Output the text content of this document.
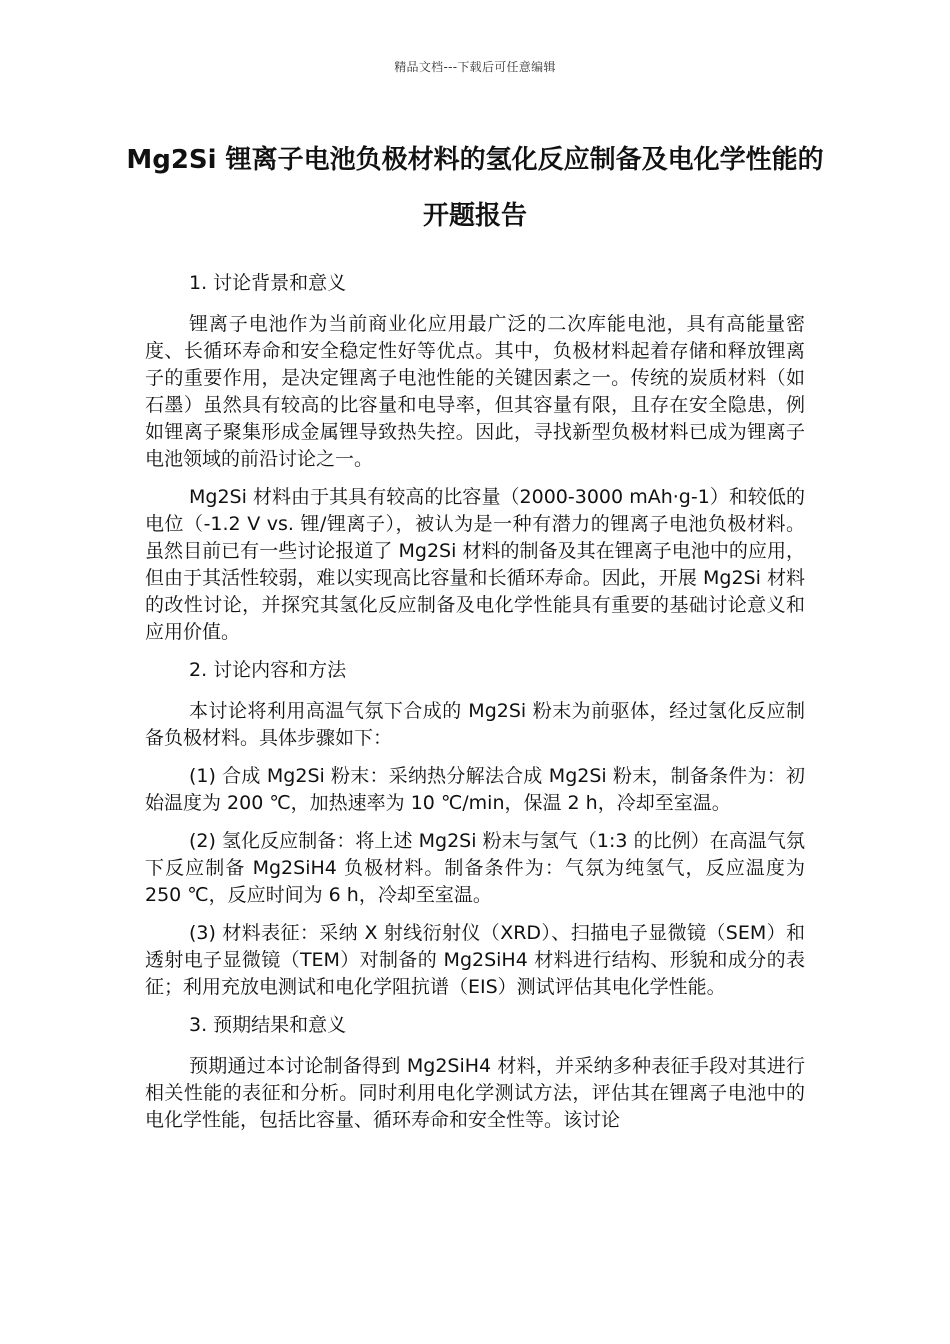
精品文档---下载后可任意编辑
Mg2Si 锂离子电池负极材料的氢化反应制备及电化学性能的开题报告
1. 讨论背景和意义

锂离子电池作为当前商业化应用最广泛的二次库能电池，具有高能量密度、长循环寿命和安全稳定性好等优点。其中，负极材料起着存储和释放锂离子的重要作用，是决定锂离子电池性能的关键因素之一。传统的炭质材料（如石墨）虽然具有较高的比容量和电导率，但其容量有限，且存在安全隐患，例如锂离子聚集形成金属锂导致热失控。因此，寻找新型负极材料已成为锂离子电池领域的前沿讨论之一。

Mg2Si 材料由于其具有较高的比容量（2000-3000 mAh·g-1）和较低的电位（-1.2 V vs. 锂/锂离子），被认为是一种有潜力的锂离子电池负极材料。虽然目前已有一些讨论报道了 Mg2Si 材料的制备及其在锂离子电池中的应用，但由于其活性较弱，难以实现高比容量和长循环寿命。因此，开展 Mg2Si 材料的改性讨论，并探究其氢化反应制备及电化学性能具有重要的基础讨论意义和应用价值。

2. 讨论内容和方法

本讨论将利用高温气氛下合成的 Mg2Si 粉末为前驱体，经过氢化反应制备负极材料。具体步骤如下：

(1) 合成 Mg2Si 粉末：采纳热分解法合成 Mg2Si 粉末，制备条件为：初始温度为 200 ℃，加热速率为 10 ℃/min，保温 2 h，冷却至室温。

(2) 氢化反应制备：将上述 Mg2Si 粉末与氢气（1:3 的比例）在高温气氛下反应制备 Mg2SiH4 负极材料。制备条件为：气氛为纯氢气，反应温度为 250 ℃，反应时间为 6 h，冷却至室温。

(3) 材料表征：采纳 X 射线衍射仪（XRD）、扫描电子显微镜（SEM）和透射电子显微镜（TEM）对制备的 Mg2SiH4 材料进行结构、形貌和成分的表征；利用充放电测试和电化学阻抗谱（EIS）测试评估其电化学性能。

3. 预期结果和意义

预期通过本讨论制备得到 Mg2SiH4 材料，并采纳多种表征手段对其进行相关性能的表征和分析。同时利用电化学测试方法，评估其在锂离子电池中的电化学性能，包括比容量、循环寿命和安全性等。该讨论
